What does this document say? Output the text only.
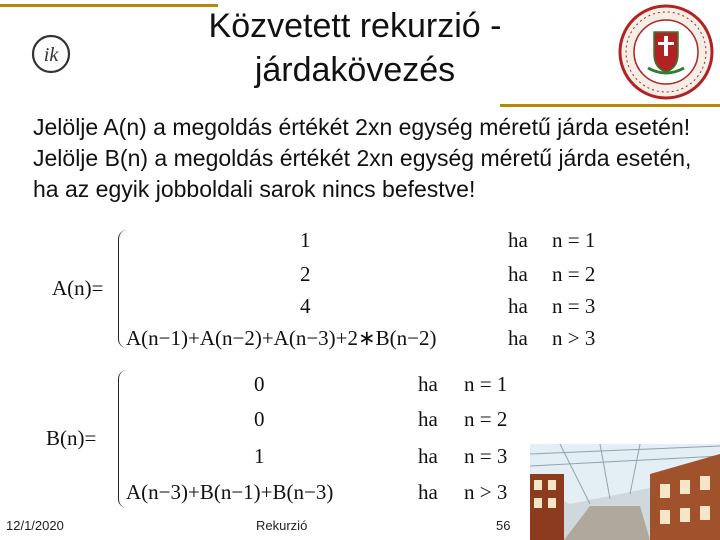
ik
Közvetett rekurzió -
járdakövezés
Jelölje A(n) a megoldás értékét 2xn egység méretű járda esetén!
Jelölje B(n) a megoldás értékét 2xn egység méretű járda esetén, ha az egyik jobboldali sarok nincs befestve!
A(n)=
1
2
4
A(n−1)+A(n−2)+A(n−3)+2∗B(n−2)
ha
ha
ha
ha
n = 1
n = 2
n = 3
n > 3
B(n)=
0
0
1
A(n−3)+B(n−1)+B(n−3)
ha
ha
ha
ha
n = 1
n = 2
n = 3
n > 3
12/1/2020	Rekurzió	56
